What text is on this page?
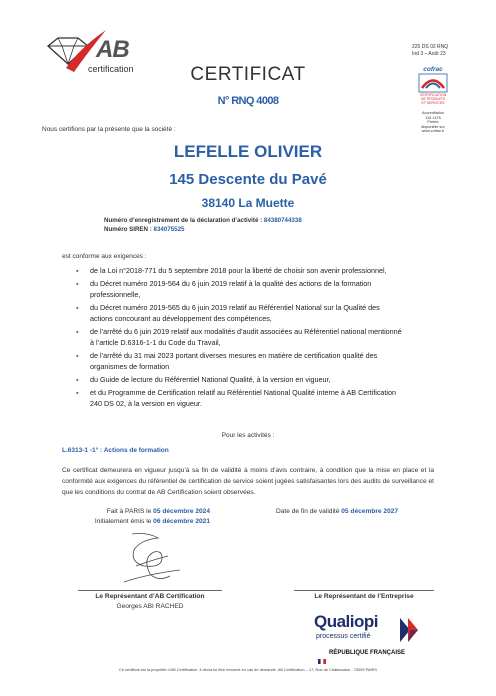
AB
certification
225 DS 02 RNQ
Ind 3 – Août 23
cofrac
CERTIFICATION
DE PRODUITS
ET SERVICES
Accréditation
115 1475
Portée
disponible sur
www.cofrac.fr
CERTIFICAT
N° RNQ 4008
Nous certifions par la présente que la société :
LEFELLE OLIVIER
145 Descente du Pavé
38140 La Muette
Numéro d’enregistrement de la déclaration d’activité : 84380744338
Numéro SIREN : 834075525
est conforme aux exigences :
▪ de la Loi n°2018-771 du 5 septembre 2018 pour la liberté de choisir son avenir professionnel,
▪ du Décret numéro 2019-564 du 6 juin 2019 relatif à la qualité des actions de la formation professionnelle,
▪ du Décret numéro 2019-565 du 6 juin 2019 relatif au Référentiel National sur la Qualité des actions concourant au développement des compétences,
▪ de l’arrêté du 6 juin 2019 relatif aux modalités d’audit associées au Référentiel national mentionné à l’article D.6316-1-1 du Code du Travail,
▪ de l’arrêté du 31 mai 2023 portant diverses mesures en matière de certification qualité des organismes de formation
▪ du Guide de lecture du Référentiel National Qualité, à la version en vigueur,
▪ et du Programme de Certification relatif au Référentiel National Qualité interne à AB Certification 240 DS 02, à la version en vigueur.
Pour les activités :
L.6313-1 -1° : Actions de formation
Ce certificat demeurera en vigueur jusqu’à sa fin de validité à moins d’avis contraire, à condition que la mise en place et la conformité aux exigences du référentiel de certification de service soient jugées satisfaisantes lors des audits de surveillance et que les conditions du contrat de AB Certification soient observées.
Fait à PARIS le 05 décembre 2024
Initialement émis le 06 décembre 2021
Date de fin de validité 05 décembre 2027
Le Représentant d’AB Certification
Georges ABI RACHED
Le Représentant de l’Entreprise
Qualiopi
processus certifié
RÉPUBLIQUE FRANÇAISE
Ce certificat est la propriété d’AB Certification. Il devra lui être retourné en cas de demande. AB Certification – 17, Rue de Châteaudun - 75009 PARIS
